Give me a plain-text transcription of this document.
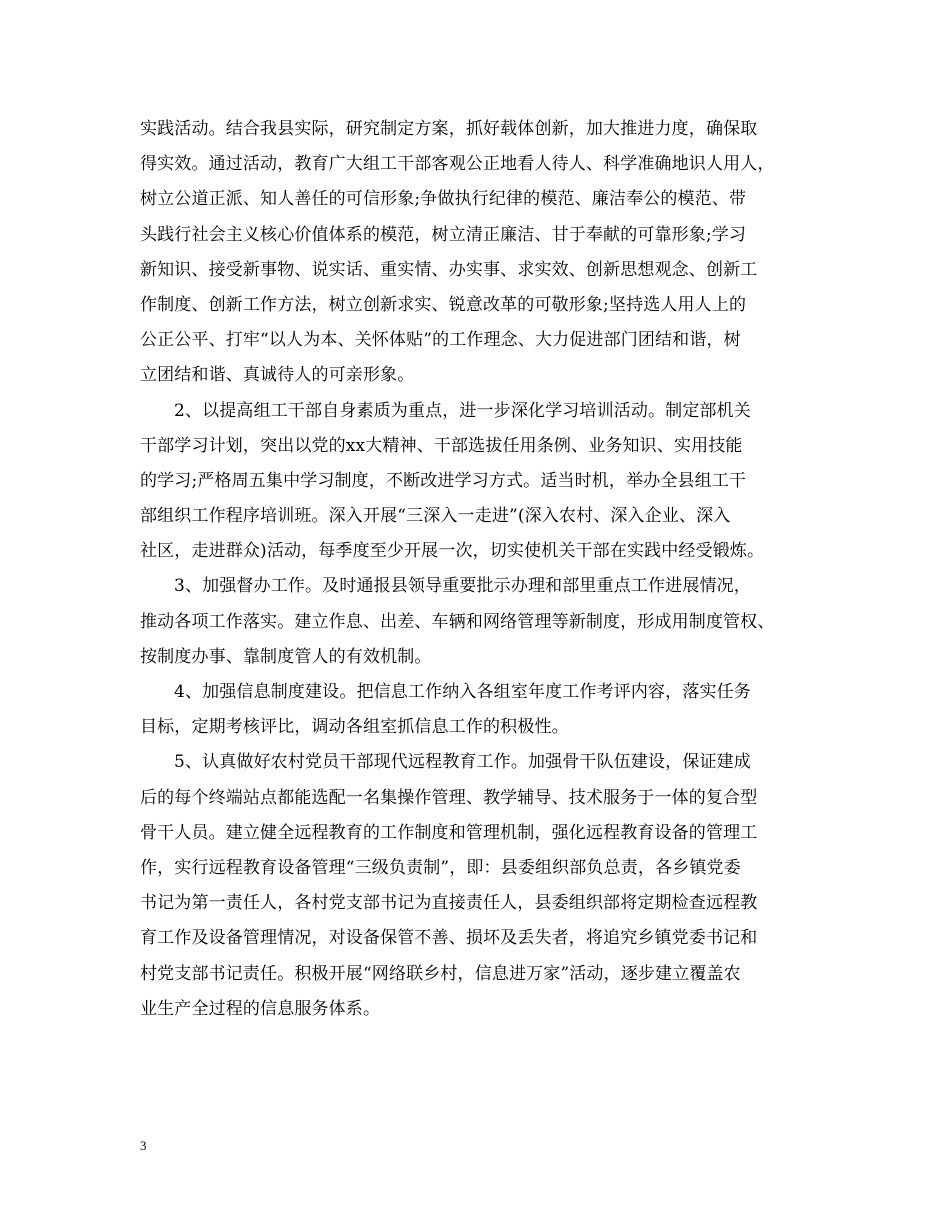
实践活动。结合我县实际，研究制定方案，抓好载体创新，加大推进力度，确保取
得实效。通过活动，教育广大组工干部客观公正地看人待人、科学准确地识人用人，
树立公道正派、知人善任的可信形象;争做执行纪律的模范、廉洁奉公的模范、带
头践行社会主义核心价值体系的模范，树立清正廉洁、甘于奉献的可靠形象;学习
新知识、接受新事物、说实话、重实情、办实事、求实效、创新思想观念、创新工
作制度、创新工作方法，树立创新求实、锐意改革的可敬形象;坚持选人用人上的
公正公平、打牢“以人为本、关怀体贴”的工作理念、大力促进部门团结和谐，树
立团结和谐、真诚待人的可亲形象。
2、以提高组工干部自身素质为重点，进一步深化学习培训活动。制定部机关
干部学习计划，突出以党的xx大精神、干部选拔任用条例、业务知识、实用技能
的学习;严格周五集中学习制度，不断改进学习方式。适当时机，举办全县组工干
部组织工作程序培训班。深入开展“三深入一走进”(深入农村、深入企业、深入
社区，走进群众)活动，每季度至少开展一次，切实使机关干部在实践中经受锻炼。
3、加强督办工作。及时通报县领导重要批示办理和部里重点工作进展情况，
推动各项工作落实。建立作息、出差、车辆和网络管理等新制度，形成用制度管权、
按制度办事、靠制度管人的有效机制。
4、加强信息制度建设。把信息工作纳入各组室年度工作考评内容，落实任务
目标，定期考核评比，调动各组室抓信息工作的积极性。
5、认真做好农村党员干部现代远程教育工作。加强骨干队伍建设，保证建成
后的每个终端站点都能选配一名集操作管理、教学辅导、技术服务于一体的复合型
骨干人员。建立健全远程教育的工作制度和管理机制，强化远程教育设备的管理工
作，实行远程教育设备管理“三级负责制”，即：县委组织部负总责，各乡镇党委
书记为第一责任人，各村党支部书记为直接责任人，县委组织部将定期检查远程教
育工作及设备管理情况，对设备保管不善、损坏及丢失者，将追究乡镇党委书记和
村党支部书记责任。积极开展“网络联乡村，信息进万家”活动，逐步建立覆盖农
业生产全过程的信息服务体系。
3
